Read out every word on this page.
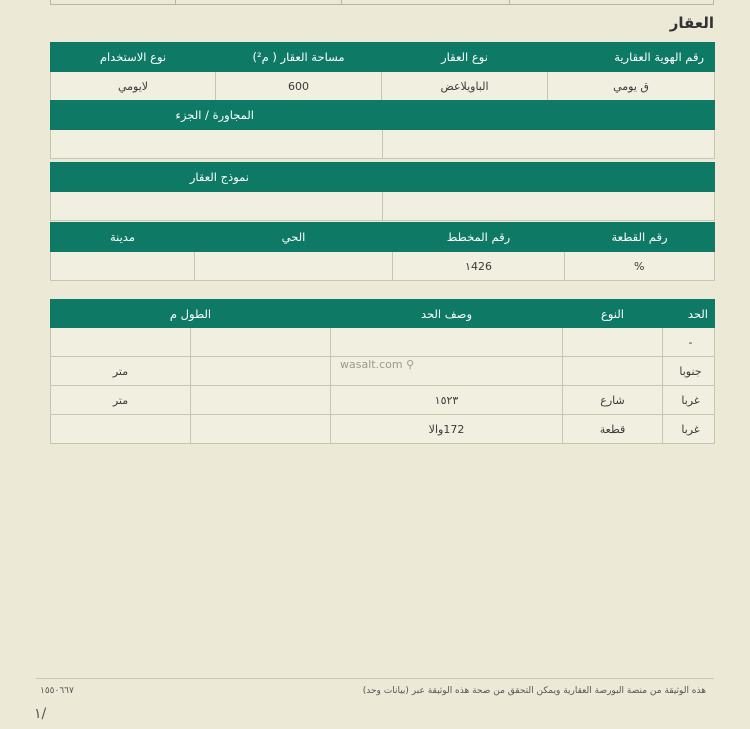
العقار
رقم الهوية العقارية	نوع العقار	مساحة العقار ( م²)	نوع الاستخدام
ق يومي	الباويلاعض	600	لايومي
المجاورة / الجزء

نموذج العقار

رقم القطعة	رقم المخطط	الحي	مدينة
%	١426		
الحد	النوع	وصف الحد	الطول م	
-				
جنوبا				متر
غربا	شارع	١٥٢٣		متر
غربا	قطعة	172والا		
wasalt.com ⚲
هذه الوثيقة من منصة البورصة العقارية ويمكن التحقق من صحة هذه الوثيقة عبر (بيانات وحد)
١٥٥٠٦٦٧
١/
